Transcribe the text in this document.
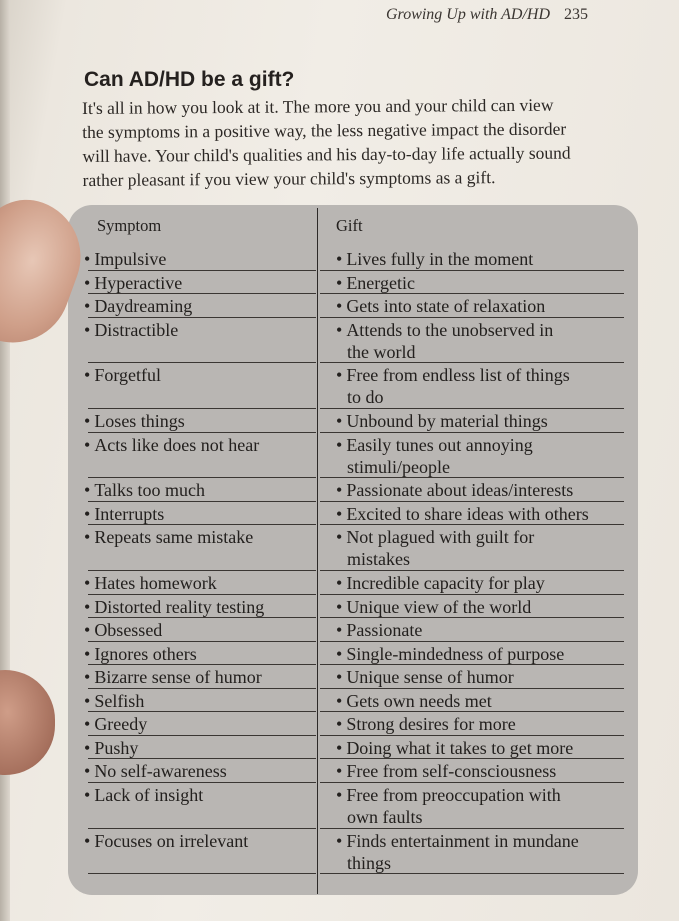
Growing Up with AD/HD 235
Can AD/HD be a gift?

It's all in how you look at it. The more you and your child can view
the symptoms in a positive way, the less negative impact the disorder
will have. Your child's qualities and his day-to-day life actually sound
rather pleasant if you view your child's symptoms as a gift.

Symptom	Gift
• Impulsive	• Lives fully in the moment
• Hyperactive	• Energetic
• Daydreaming	• Gets into state of relaxation
• Distractible	• Attends to the unobserved in
the world
• Forgetful	• Free from endless list of things
to do
• Loses things	• Unbound by material things
• Acts like does not hear	• Easily tunes out annoying
stimuli/people
• Talks too much	• Passionate about ideas/interests
• Interrupts	• Excited to share ideas with others
• Repeats same mistake	• Not plagued with guilt for
mistakes
• Hates homework	• Incredible capacity for play
• Distorted reality testing	• Unique view of the world
• Obsessed	• Passionate
• Ignores others	• Single-mindedness of purpose
• Bizarre sense of humor	• Unique sense of humor
• Selfish	• Gets own needs met
• Greedy	• Strong desires for more
• Pushy	• Doing what it takes to get more
• No self-awareness	• Free from self-consciousness
• Lack of insight	• Free from preoccupation with
own faults
• Focuses on irrelevant	• Finds entertainment in mundane
things
